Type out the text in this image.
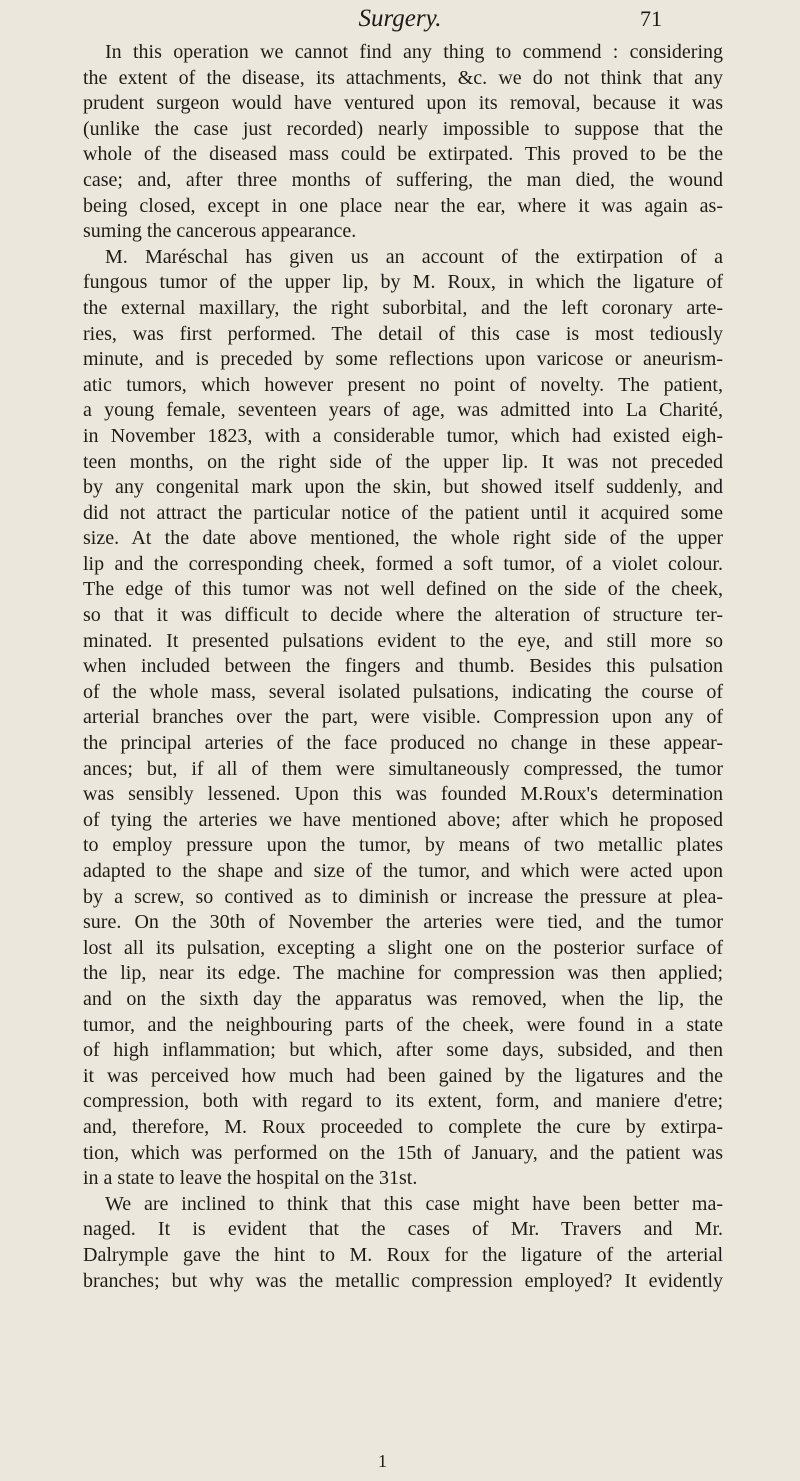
Surgery.	71
In this operation we cannot find any thing to commend : considering
the extent of the disease, its attachments, &c. we do not think that any
prudent surgeon would have ventured upon its removal, because it was
(unlike the case just recorded) nearly impossible to suppose that the
whole of the diseased mass could be extirpated. This proved to be the
case; and, after three months of suffering, the man died, the wound
being closed, except in one place near the ear, where it was again as-
suming the cancerous appearance.
M. Maréschal has given us an account of the extirpation of a
fungous tumor of the upper lip, by M. Roux, in which the ligature of
the external maxillary, the right suborbital, and the left coronary arte-
ries, was first performed. The detail of this case is most tediously
minute, and is preceded by some reflections upon varicose or aneurism-
atic tumors, which however present no point of novelty. The patient,
a young female, seventeen years of age, was admitted into La Charité,
in November 1823, with a considerable tumor, which had existed eigh-
teen months, on the right side of the upper lip. It was not preceded
by any congenital mark upon the skin, but showed itself suddenly, and
did not attract the particular notice of the patient until it acquired some
size. At the date above mentioned, the whole right side of the upper
lip and the corresponding cheek, formed a soft tumor, of a violet colour.
The edge of this tumor was not well defined on the side of the cheek,
so that it was difficult to decide where the alteration of structure ter-
minated. It presented pulsations evident to the eye, and still more so
when included between the fingers and thumb. Besides this pulsation
of the whole mass, several isolated pulsations, indicating the course of
arterial branches over the part, were visible. Compression upon any of
the principal arteries of the face produced no change in these appear-
ances; but, if all of them were simultaneously compressed, the tumor
was sensibly lessened. Upon this was founded M.Roux's determination
of tying the arteries we have mentioned above; after which he proposed
to employ pressure upon the tumor, by means of two metallic plates
adapted to the shape and size of the tumor, and which were acted upon
by a screw, so contived as to diminish or increase the pressure at plea-
sure. On the 30th of November the arteries were tied, and the tumor
lost all its pulsation, excepting a slight one on the posterior surface of
the lip, near its edge. The machine for compression was then applied;
and on the sixth day the apparatus was removed, when the lip, the
tumor, and the neighbouring parts of the cheek, were found in a state
of high inflammation; but which, after some days, subsided, and then
it was perceived how much had been gained by the ligatures and the
compression, both with regard to its extent, form, and maniere d'etre;
and, therefore, M. Roux proceeded to complete the cure by extirpa-
tion, which was performed on the 15th of January, and the patient was
in a state to leave the hospital on the 31st.
We are inclined to think that this case might have been better ma-
naged. It is evident that the cases of Mr. Travers and Mr.
Dalrymple gave the hint to M. Roux for the ligature of the arterial
branches; but why was the metallic compression employed? It evidently
1
